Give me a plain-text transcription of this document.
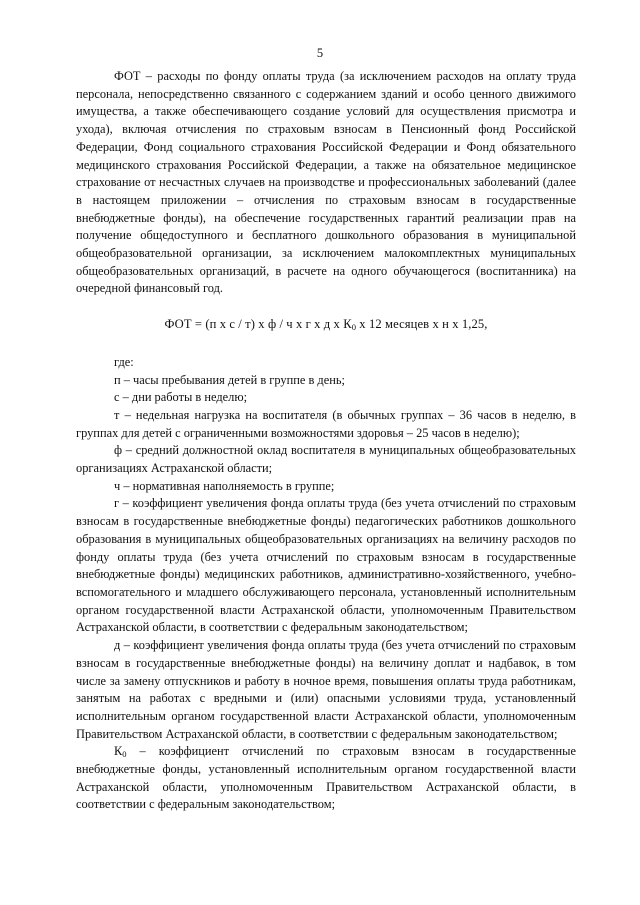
5

ФОТ – расходы по фонду оплаты труда (за исключением расходов на оплату труда персонала, непосредственно связанного с содержанием зданий и особо ценного движимого имущества, а также обеспечивающего создание условий для осуществления присмотра и ухода), включая отчисления по страховым взносам в Пенсионный фонд Российской Федерации, Фонд социального страхования Российской Федерации и Фонд обязательного медицинского страхования Российской Федерации, а также на обязательное медицинское страхование от несчастных случаев на производстве и профессиональных заболеваний (далее в настоящем приложении – отчисления по страховым взносам в государственные внебюджетные фонды), на обеспечение государственных гарантий реализации прав на получение общедоступного и бесплатного дошкольного образования в муниципальной общеобразовательной организации, за исключением малокомплектных муниципальных общеобразовательных организаций, в расчете на одного обучающегося (воспитанника) на очередной финансовый год.

ФОТ = (п х с / т) х ф / ч х г х д х $К_0$ х 12 месяцев х н х 1,25,

где:

п – часы пребывания детей в группе в день;

с – дни работы в неделю;

т – недельная нагрузка на воспитателя (в обычных группах – 36 часов в неделю, в группах для детей с ограниченными возможностями здоровья – 25 часов в неделю);

ф – средний должностной оклад воспитателя в муниципальных общеобразовательных организациях Астраханской области;

ч – нормативная наполняемость в группе;

г – коэффициент увеличения фонда оплаты труда (без учета отчислений по страховым взносам в государственные внебюджетные фонды) педагогических работников дошкольного образования в муниципальных общеобразовательных организациях на величину расходов по фонду оплаты труда (без учета отчислений по страховым взносам в государственные внебюджетные фонды) медицинских работников, административно-хозяйственного, учебно-вспомогательного и младшего обслуживающего персонала, установленный исполнительным органом государственной власти Астраханской области, уполномоченным Правительством Астраханской области, в соответствии с федеральным законодательством;

д – коэффициент увеличения фонда оплаты труда (без учета отчислений по страховым взносам в государственные внебюджетные фонды) на величину доплат и надбавок, в том числе за замену отпускников и работу в ночное время, повышения оплаты труда работникам, занятым на работах с вредными и (или) опасными условиями труда, установленный исполнительным органом государственной власти Астраханской области, уполномоченным Правительством Астраханской области, в соответствии с федеральным законодательством;

$К_0$ – коэффициент отчислений по страховым взносам в государственные внебюджетные фонды, установленный исполнительным органом государственной власти Астраханской области, уполномоченным Правительством Астраханской области, в соответствии с федеральным законодательством;
